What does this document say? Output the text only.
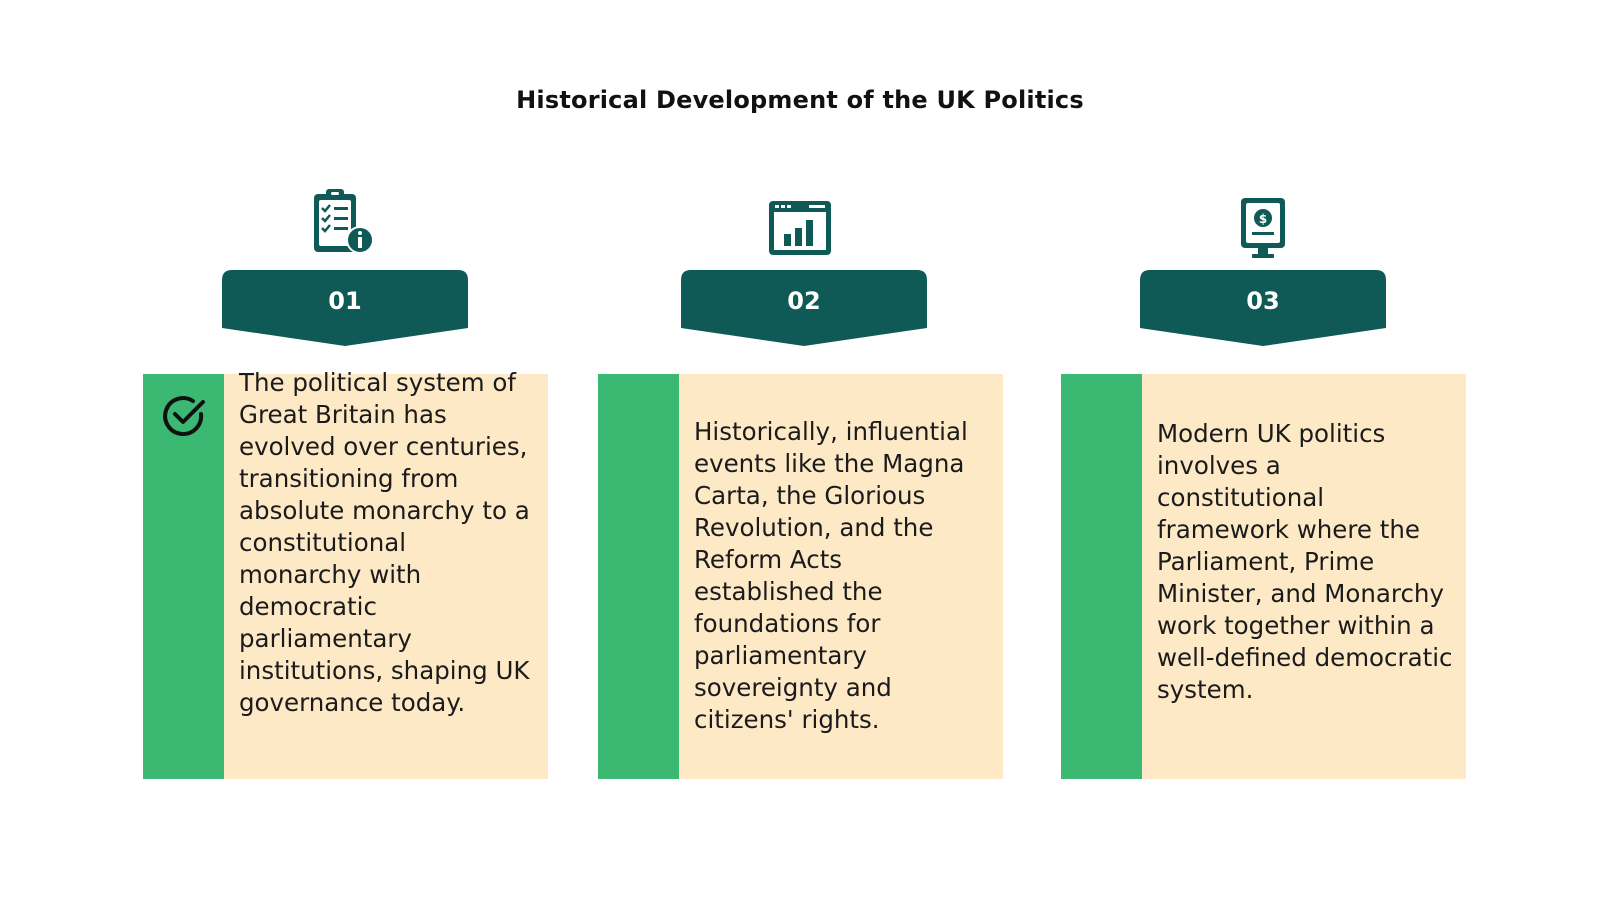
Historical Development of the UK Politics
01
The political system of Great Britain has evolved over centuries, transitioning from absolute monarchy to a constitutional monarchy with democratic parliamentary institutions, shaping UK governance today.
02
Historically, influential events like the Magna Carta, the Glorious Revolution, and the Reform Acts established the foundations for parliamentary sovereignty and citizens' rights.
$
03
Modern UK politics involves a constitutional framework where the Parliament, Prime Minister, and Monarchy work together within a well-defined democratic system.
